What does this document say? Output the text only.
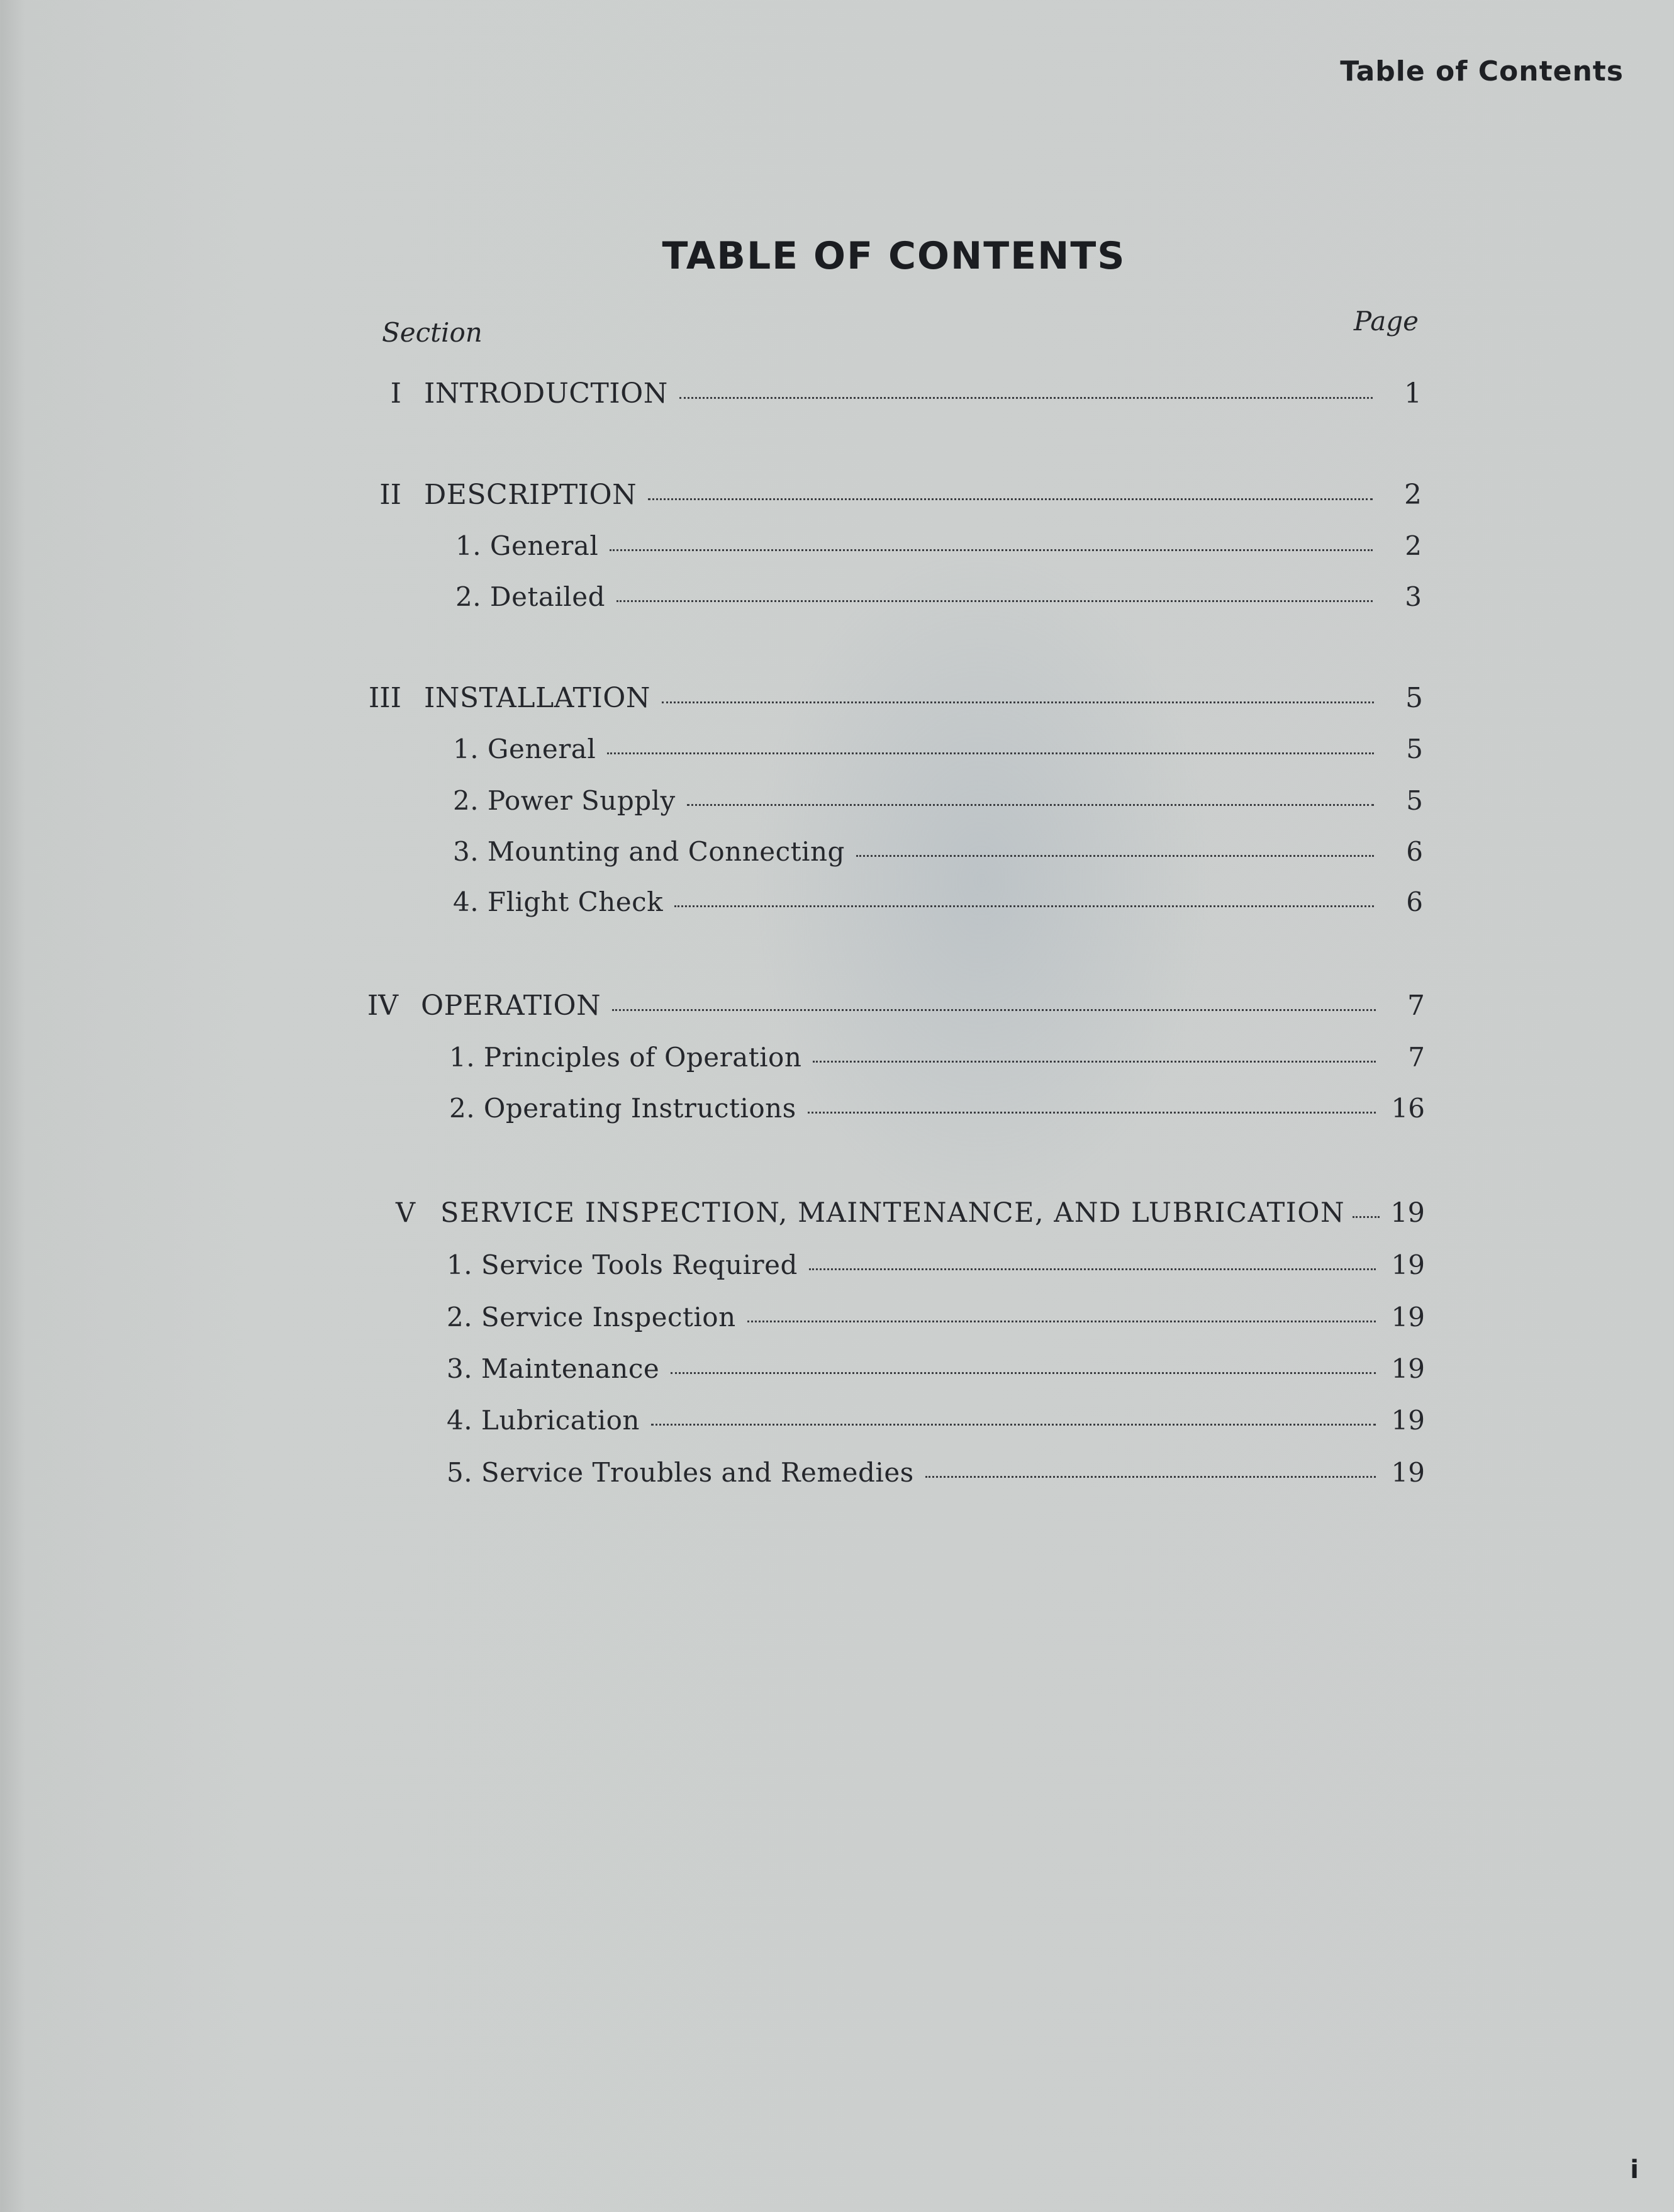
Table of Contents
TABLE OF CONTENTS
Section	Page
I INTRODUCTION	1
II DESCRIPTION	2
1. General	2
2. Detailed	3
III INSTALLATION	5
1. General	5
2. Power Supply	5
3. Mounting and Connecting	6
4. Flight Check	6
IV OPERATION	7
1. Principles of Operation	7
2. Operating Instructions	16
V SERVICE INSPECTION, MAINTENANCE, AND LUBRICATION 19
1. Service Tools Required	19
2. Service Inspection	19
3. Maintenance	19
4. Lubrication	19
5. Service Troubles and Remedies	19
i
